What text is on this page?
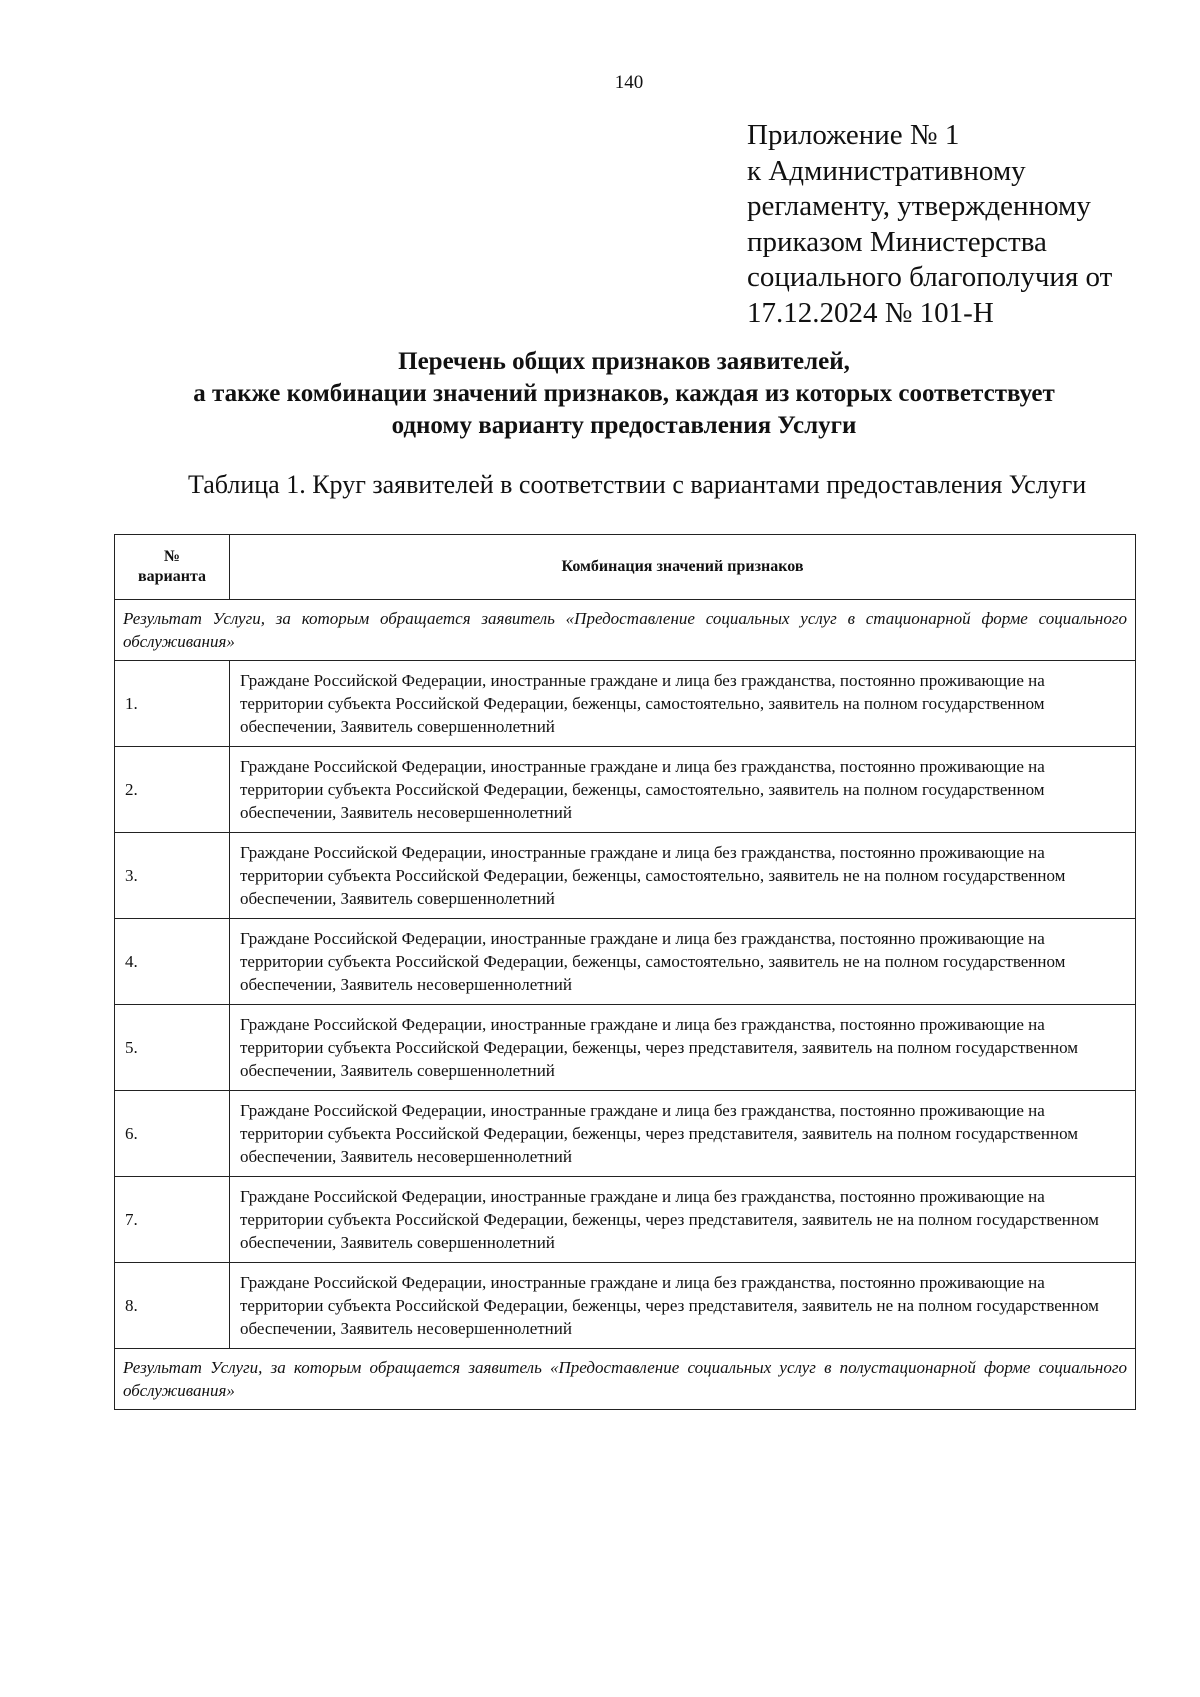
140
Приложение № 1
к Административному
регламенту, утвержденному
приказом Министерства
социального благополучия от
17.12.2024 № 101-Н
Перечень общих признаков заявителей,
а также комбинации значений признаков, каждая из которых соответствует
одному варианту предоставления Услуги
Таблица 1. Круг заявителей в соответствии с вариантами предоставления Услуги
№
варианта	Комбинация значений признаков
Результат Услуги, за которым обращается заявитель «Предоставление социальных услуг в стационарной форме социального обслуживания»	
1.	Граждане Российской Федерации, иностранные граждане и лица без гражданства, постоянно проживающие на территории субъекта Российской Федерации, беженцы, самостоятельно, заявитель на полном государственном обеспечении, Заявитель совершеннолетний
2.	Граждане Российской Федерации, иностранные граждане и лица без гражданства, постоянно проживающие на территории субъекта Российской Федерации, беженцы, самостоятельно, заявитель на полном государственном обеспечении, Заявитель несовершеннолетний
3.	Граждане Российской Федерации, иностранные граждане и лица без гражданства, постоянно проживающие на территории субъекта Российской Федерации, беженцы, самостоятельно, заявитель не на полном государственном обеспечении, Заявитель совершеннолетний
4.	Граждане Российской Федерации, иностранные граждане и лица без гражданства, постоянно проживающие на территории субъекта Российской Федерации, беженцы, самостоятельно, заявитель не на полном государственном обеспечении, Заявитель несовершеннолетний
5.	Граждане Российской Федерации, иностранные граждане и лица без гражданства, постоянно проживающие на территории субъекта Российской Федерации, беженцы, через представителя, заявитель на полном государственном обеспечении, Заявитель совершеннолетний
6.	Граждане Российской Федерации, иностранные граждане и лица без гражданства, постоянно проживающие на территории субъекта Российской Федерации, беженцы, через представителя, заявитель на полном государственном обеспечении, Заявитель несовершеннолетний
7.	Граждане Российской Федерации, иностранные граждане и лица без гражданства, постоянно проживающие на территории субъекта Российской Федерации, беженцы, через представителя, заявитель не на полном государственном обеспечении, Заявитель совершеннолетний
8.	Граждане Российской Федерации, иностранные граждане и лица без гражданства, постоянно проживающие на территории субъекта Российской Федерации, беженцы, через представителя, заявитель не на полном государственном обеспечении, Заявитель несовершеннолетний
Результат Услуги, за которым обращается заявитель «Предоставление социальных услуг в полустационарной форме социального обслуживания»	
